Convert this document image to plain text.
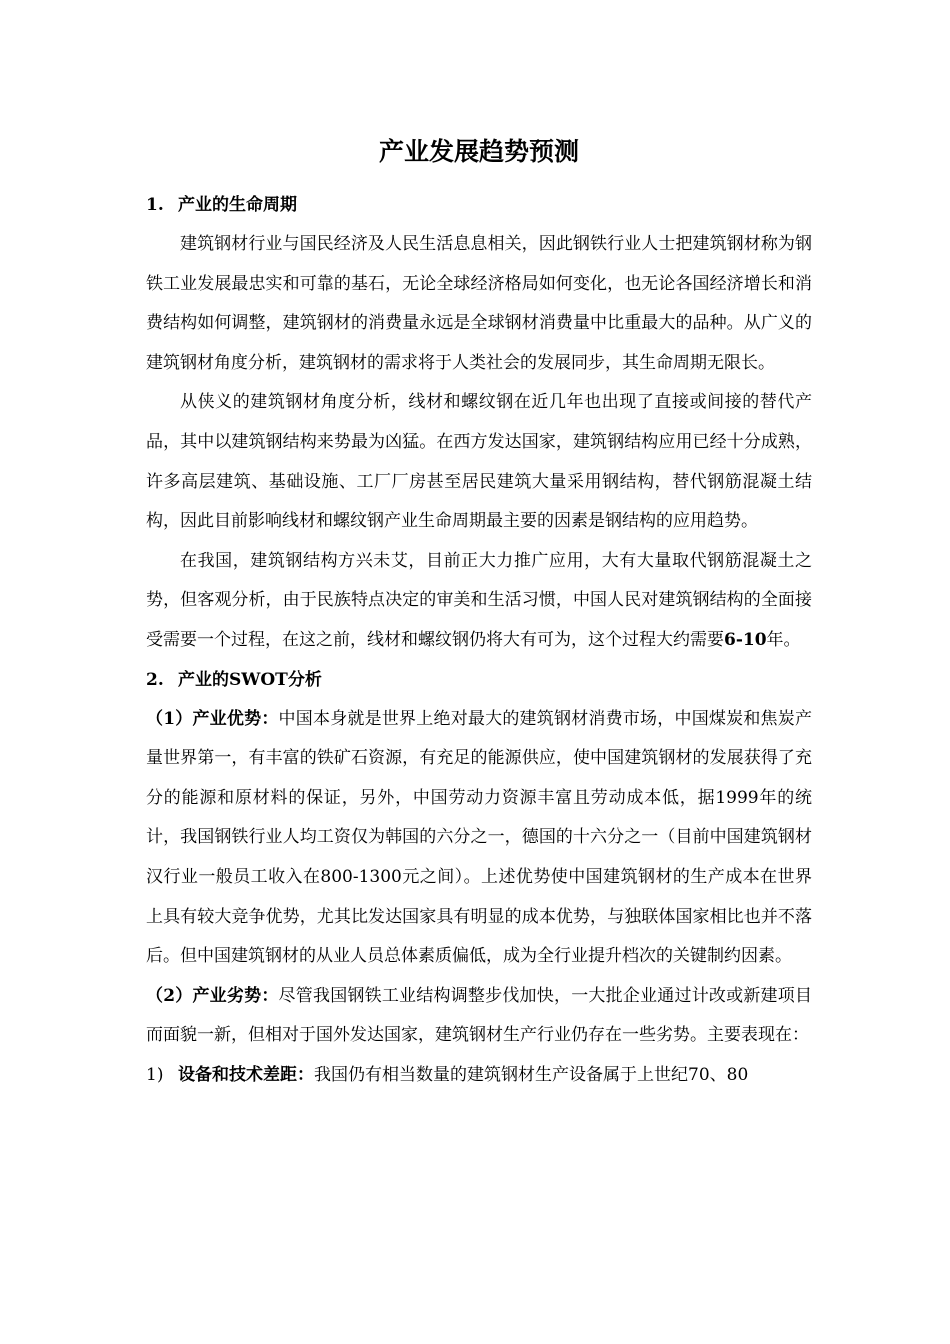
产业发展趋势预测
1. 产业的生命周期

建筑钢材行业与国民经济及人民生活息息相关，因此钢铁行业人士把建筑钢材称为钢铁工业发展最忠实和可靠的基石，无论全球经济格局如何变化，也无论各国经济增长和消费结构如何调整，建筑钢材的消费量永远是全球钢材消费量中比重最大的品种。从广义的建筑钢材角度分析，建筑钢材的需求将于人类社会的发展同步，其生命周期无限长。

从侠义的建筑钢材角度分析，线材和螺纹钢在近几年也出现了直接或间接的替代产品，其中以建筑钢结构来势最为凶猛。在西方发达国家，建筑钢结构应用已经十分成熟，许多高层建筑、基础设施、工厂厂房甚至居民建筑大量采用钢结构，替代钢筋混凝土结构，因此目前影响线材和螺纹钢产业生命周期最主要的因素是钢结构的应用趋势。

在我国，建筑钢结构方兴未艾，目前正大力推广应用，大有大量取代钢筋混凝土之势，但客观分析，由于民族特点决定的审美和生活习惯，中国人民对建筑钢结构的全面接受需要一个过程，在这之前，线材和螺纹钢仍将大有可为，这个过程大约需要6-10年。

2. 产业的SWOT分析

（1）产业优势：中国本身就是世界上绝对最大的建筑钢材消费市场，中国煤炭和焦炭产量世界第一，有丰富的铁矿石资源，有充足的能源供应，使中国建筑钢材的发展获得了充分的能源和原材料的保证，另外，中国劳动力资源丰富且劳动成本低，据1999年的统计，我国钢铁行业人均工资仅为韩国的六分之一，德国的十六分之一（目前中国建筑钢材汉行业一般员工收入在800-1300元之间）。上述优势使中国建筑钢材的生产成本在世界上具有较大竞争优势，尤其比发达国家具有明显的成本优势，与独联体国家相比也并不落后。但中国建筑钢材的从业人员总体素质偏低，成为全行业提升档次的关键制约因素。

（2）产业劣势：尽管我国钢铁工业结构调整步伐加快，一大批企业通过计改或新建项目而面貌一新，但相对于国外发达国家，建筑钢材生产行业仍存在一些劣势。主要表现在：

1) 设备和技术差距：我国仍有相当数量的建筑钢材生产设备属于上世纪70、80
